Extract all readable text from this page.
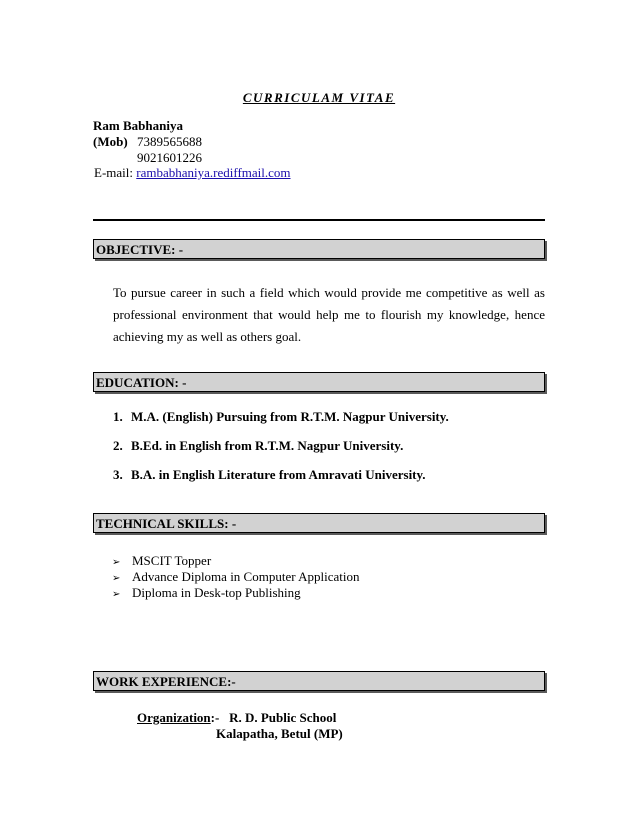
CURRICULAM VITAE
Ram Babhaniya
(Mob) 7389565688
9021601226
E-mail: rambabhaniya.rediffmail.com
OBJECTIVE: -
To pursue career in such a field which would provide me competitive as well as professional environment that would help me to flourish my knowledge, hence achieving my as well as others goal.
EDUCATION: -
1. M.A. (English) Pursuing from R.T.M. Nagpur University.
2. B.Ed. in English from R.T.M. Nagpur University.
3. B.A. in English Literature from Amravati University.
TECHNICAL SKILLS: -
➢ MSCIT Topper
➢ Advance Diploma in Computer Application
➢ Diploma in Desk-top Publishing
WORK EXPERIENCE:-
Organization:- R. D. Public School
Kalapatha, Betul (MP)
